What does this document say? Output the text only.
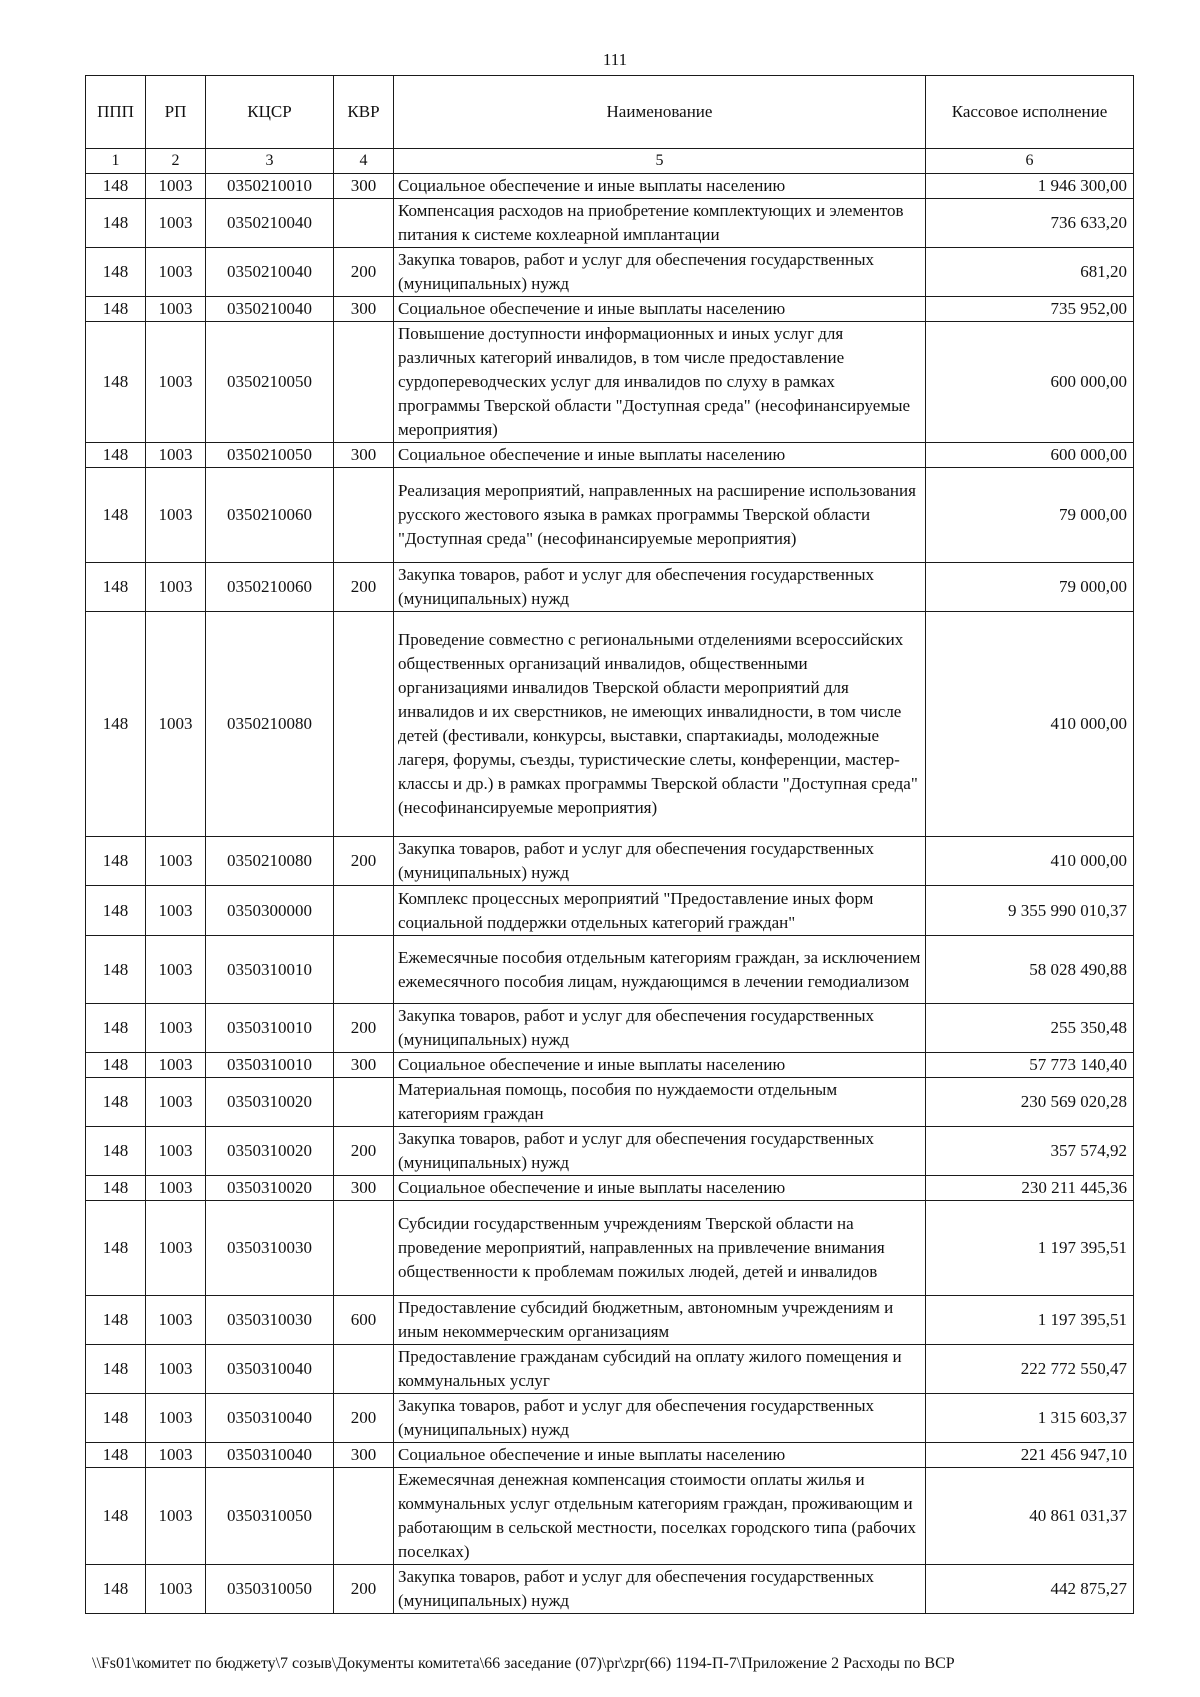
111
ППП	РП	КЦСР	КВР	Наименование	Кассовое исполнение
1	2	3	4	5	6
148	1003	0350210010	300	Социальное обеспечение и иные выплаты населению	1 946 300,00
148	1003	0350210040		Компенсация расходов на приобретение комплектующих и элементов питания к системе кохлеарной имплантации	736 633,20
148	1003	0350210040	200	Закупка товаров, работ и услуг для обеспечения государственных (муниципальных) нужд	681,20
148	1003	0350210040	300	Социальное обеспечение и иные выплаты населению	735 952,00
148	1003	0350210050		Повышение доступности информационных и иных услуг для различных категорий инвалидов, в том числе предоставление сурдопереводческих услуг для инвалидов по слуху в рамках программы Тверской области "Доступная среда" (несофинансируемые мероприятия)	600 000,00
148	1003	0350210050	300	Социальное обеспечение и иные выплаты населению	600 000,00
148	1003	0350210060		Реализация мероприятий, направленных на расширение использования русского жестового языка в рамках программы Тверской области "Доступная среда" (несофинансируемые мероприятия)	79 000,00
148	1003	0350210060	200	Закупка товаров, работ и услуг для обеспечения государственных (муниципальных) нужд	79 000,00
148	1003	0350210080		Проведение совместно с региональными отделениями всероссийских общественных организаций инвалидов, общественными организациями инвалидов Тверской области мероприятий для инвалидов и их сверстников, не имеющих инвалидности, в том числе детей (фестивали, конкурсы, выставки, спартакиады, молодежные лагеря, форумы, съезды, туристические слеты, конференции, мастер-классы и др.) в рамках программы Тверской области "Доступная среда" (несофинансируемые мероприятия)	410 000,00
148	1003	0350210080	200	Закупка товаров, работ и услуг для обеспечения государственных (муниципальных) нужд	410 000,00
148	1003	0350300000		Комплекс процессных мероприятий "Предоставление иных форм социальной поддержки отдельных категорий граждан"	9 355 990 010,37
148	1003	0350310010		Ежемесячные пособия отдельным категориям граждан, за исключением ежемесячного пособия лицам, нуждающимся в лечении гемодиализом	58 028 490,88
148	1003	0350310010	200	Закупка товаров, работ и услуг для обеспечения государственных (муниципальных) нужд	255 350,48
148	1003	0350310010	300	Социальное обеспечение и иные выплаты населению	57 773 140,40
148	1003	0350310020		Материальная помощь, пособия по нуждаемости отдельным категориям граждан	230 569 020,28
148	1003	0350310020	200	Закупка товаров, работ и услуг для обеспечения государственных (муниципальных) нужд	357 574,92
148	1003	0350310020	300	Социальное обеспечение и иные выплаты населению	230 211 445,36
148	1003	0350310030		Субсидии государственным учреждениям Тверской области на проведение мероприятий, направленных на привлечение внимания общественности к проблемам пожилых людей, детей и инвалидов	1 197 395,51
148	1003	0350310030	600	Предоставление субсидий бюджетным, автономным учреждениям и иным некоммерческим организациям	1 197 395,51
148	1003	0350310040		Предоставление гражданам субсидий на оплату жилого помещения и коммунальных услуг	222 772 550,47
148	1003	0350310040	200	Закупка товаров, работ и услуг для обеспечения государственных (муниципальных) нужд	1 315 603,37
148	1003	0350310040	300	Социальное обеспечение и иные выплаты населению	221 456 947,10
148	1003	0350310050		Ежемесячная денежная компенсация стоимости оплаты жилья и коммунальных услуг отдельным категориям граждан, проживающим и работающим в сельской местности, поселках городского типа (рабочих поселках)	40 861 031,37
148	1003	0350310050	200	Закупка товаров, работ и услуг для обеспечения государственных (муниципальных) нужд	442 875,27
\\Fs01\комитет по бюджету\7 созыв\Документы комитета\66 заседание (07)\pr\zpr(66) 1194-П-7\Приложение 2 Расходы по ВСР
